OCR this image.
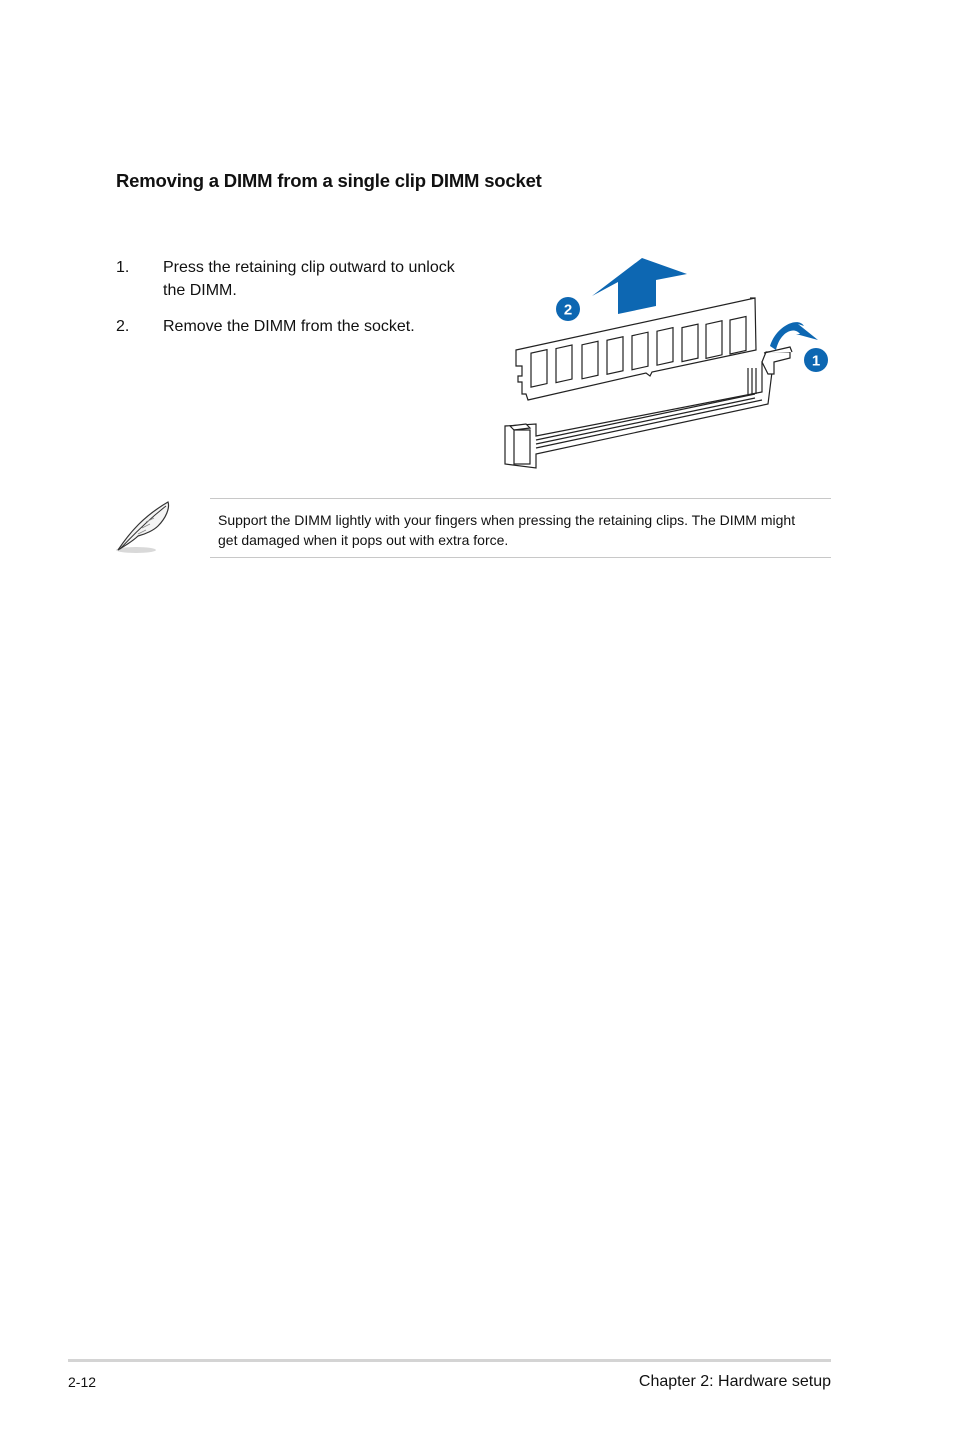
Removing a DIMM from a single clip DIMM socket
1. Press the retaining clip outward to unlock the DIMM.
2. Remove the DIMM from the socket.
2
1
Support the DIMM lightly with your fingers when pressing the retaining clips. The DIMM might get damaged when it pops out with extra force.
2-12	Chapter 2: Hardware setup
